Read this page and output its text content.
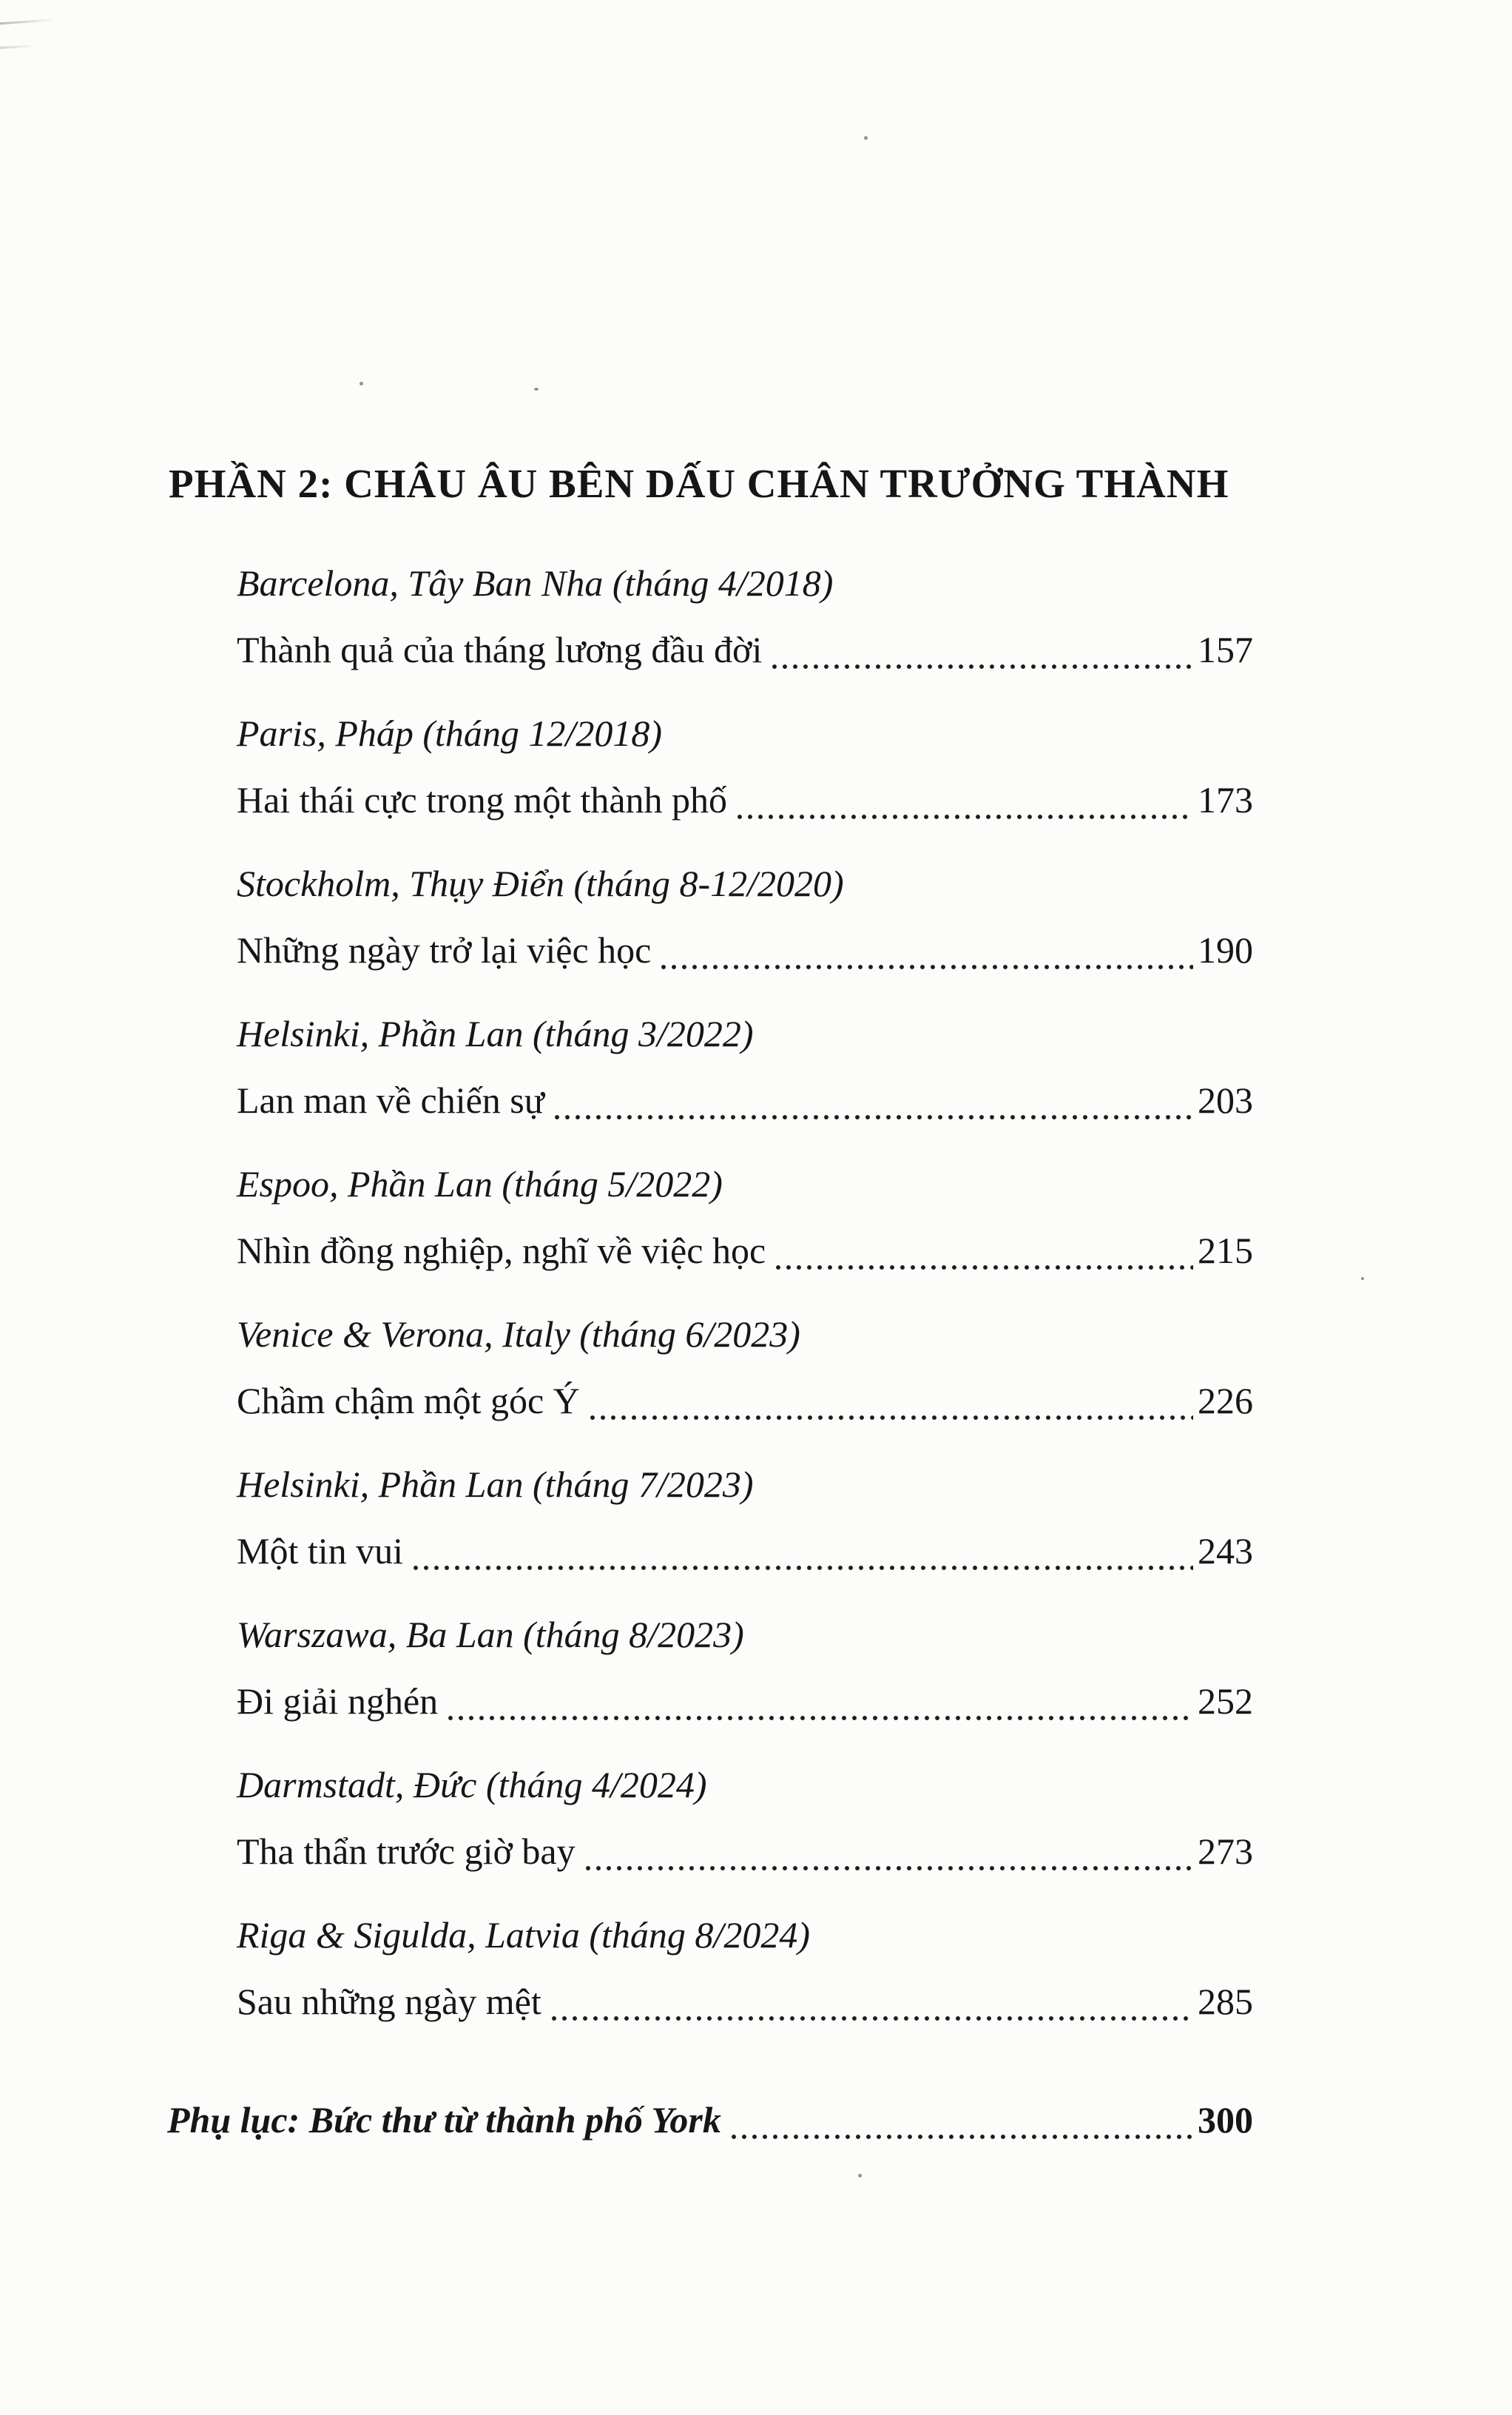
PHẦN 2: CHÂU ÂU BÊN DẤU CHÂN TRƯỞNG THÀNH
Barcelona, Tây Ban Nha (tháng 4/2018)
Thành quả của tháng lương đầu đời	157
Paris, Pháp (tháng 12/2018)
Hai thái cực trong một thành phố	173
Stockholm, Thụy Điển (tháng 8-12/2020)
Những ngày trở lại việc học	190
Helsinki, Phần Lan (tháng 3/2022)
Lan man về chiến sự	203
Espoo, Phần Lan (tháng 5/2022)
Nhìn đồng nghiệp, nghĩ về việc học	215
Venice & Verona, Italy (tháng 6/2023)
Chầm chậm một góc Ý	226
Helsinki, Phần Lan (tháng 7/2023)
Một tin vui	243
Warszawa, Ba Lan (tháng 8/2023)
Đi giải nghén	252
Darmstadt, Đức (tháng 4/2024)
Tha thẩn trước giờ bay	273
Riga & Sigulda, Latvia (tháng 8/2024)
Sau những ngày mệt	285
Phụ lục: Bức thư từ thành phố York	300
